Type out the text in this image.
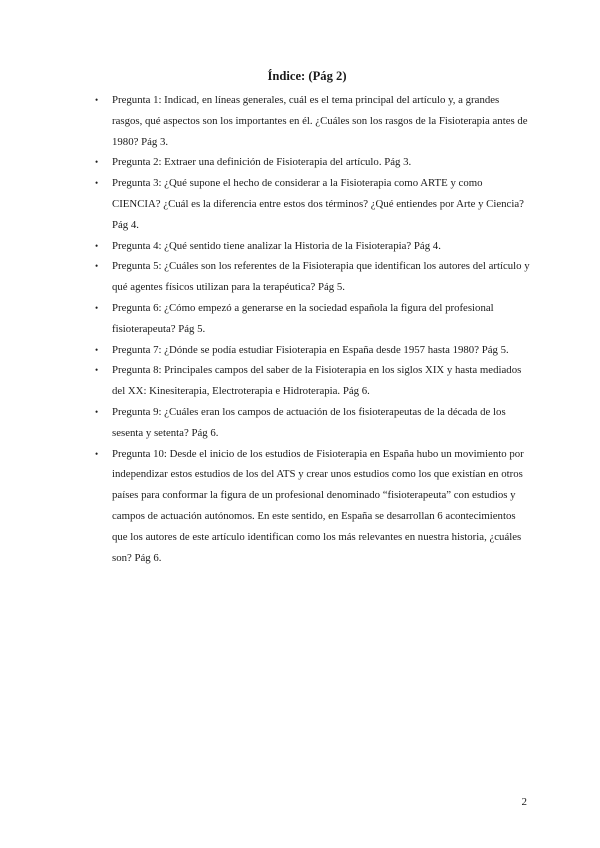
Índice: (Pág 2)
• Pregunta 1: Indicad, en líneas generales, cuál es el tema principal del artículo y, a grandes rasgos, qué aspectos son los importantes en él. ¿Cuáles son los rasgos de la Fisioterapia antes de 1980? Pág 3.
• Pregunta 2: Extraer una definición de Fisioterapia del artículo. Pág 3.
• Pregunta 3: ¿Qué supone el hecho de considerar a la Fisioterapia como ARTE y como CIENCIA? ¿Cuál es la diferencia entre estos dos términos? ¿Qué entiendes por Arte y Ciencia? Pág 4.
• Pregunta 4: ¿Qué sentido tiene analizar la Historia de la Fisioterapia? Pág 4.
• Pregunta 5: ¿Cuáles son los referentes de la Fisioterapia que identifican los autores del artículo y qué agentes físicos utilizan para la terapéutica? Pág 5.
• Pregunta 6: ¿Cómo empezó a generarse en la sociedad española la figura del profesional fisioterapeuta? Pág 5.
• Pregunta 7: ¿Dónde se podía estudiar Fisioterapia en España desde 1957 hasta 1980? Pág 5.
• Pregunta 8: Principales campos del saber de la Fisioterapia en los siglos XIX y hasta mediados del XX: Kinesiterapia, Electroterapia e Hidroterapia. Pág 6.
• Pregunta 9: ¿Cuáles eran los campos de actuación de los fisioterapeutas de la década de los sesenta y setenta? Pág 6.
• Pregunta 10: Desde el inicio de los estudios de Fisioterapia en España hubo un movimiento por independizar estos estudios de los del ATS y crear unos estudios como los que existían en otros países para conformar la figura de un profesional denominado “fisioterapeuta” con estudios y campos de actuación autónomos. En este sentido, en España se desarrollan 6 acontecimientos que los autores de este artículo identifican como los más relevantes en nuestra historia, ¿cuáles son? Pág 6.
2
